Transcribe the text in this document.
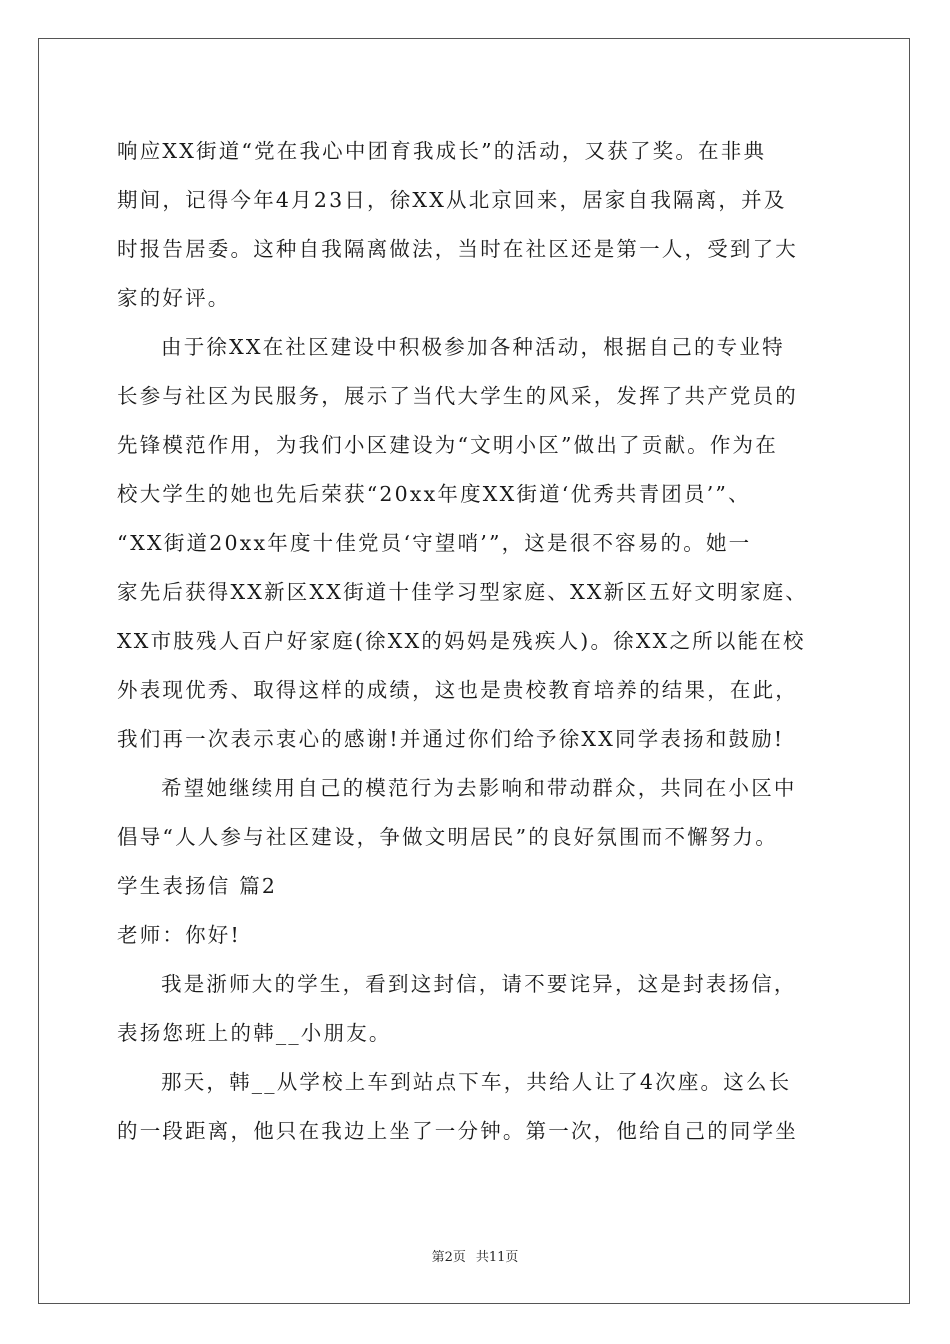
响应XX街道“党在我心中团育我成长”的活动，又获了奖。在非典
期间，记得今年4月23日，徐XX从北京回来，居家自我隔离，并及
时报告居委。这种自我隔离做法，当时在社区还是第一人，受到了大
家的好评。
由于徐XX在社区建设中积极参加各种活动，根据自己的专业特
长参与社区为民服务，展示了当代大学生的风采，发挥了共产党员的
先锋模范作用，为我们小区建设为“文明小区”做出了贡献。作为在
校大学生的她也先后荣获“20xx年度XX街道‘优秀共青团员’”、
“XX街道20xx年度十佳党员‘守望哨’”，这是很不容易的。她一
家先后获得XX新区XX街道十佳学习型家庭、XX新区五好文明家庭、
XX市肢残人百户好家庭(徐XX的妈妈是残疾人)。徐XX之所以能在校
外表现优秀、取得这样的成绩，这也是贵校教育培养的结果，在此，
我们再一次表示衷心的感谢!并通过你们给予徐XX同学表扬和鼓励!
希望她继续用自己的模范行为去影响和带动群众，共同在小区中
倡导“人人参与社区建设，争做文明居民”的良好氛围而不懈努力。
学生表扬信 篇2
老师：你好!
我是浙师大的学生，看到这封信，请不要诧异，这是封表扬信，
表扬您班上的韩__小朋友。
那天，韩__从学校上车到站点下车，共给人让了4次座。这么长
的一段距离，他只在我边上坐了一分钟。第一次，他给自己的同学坐
第2页 共11页
